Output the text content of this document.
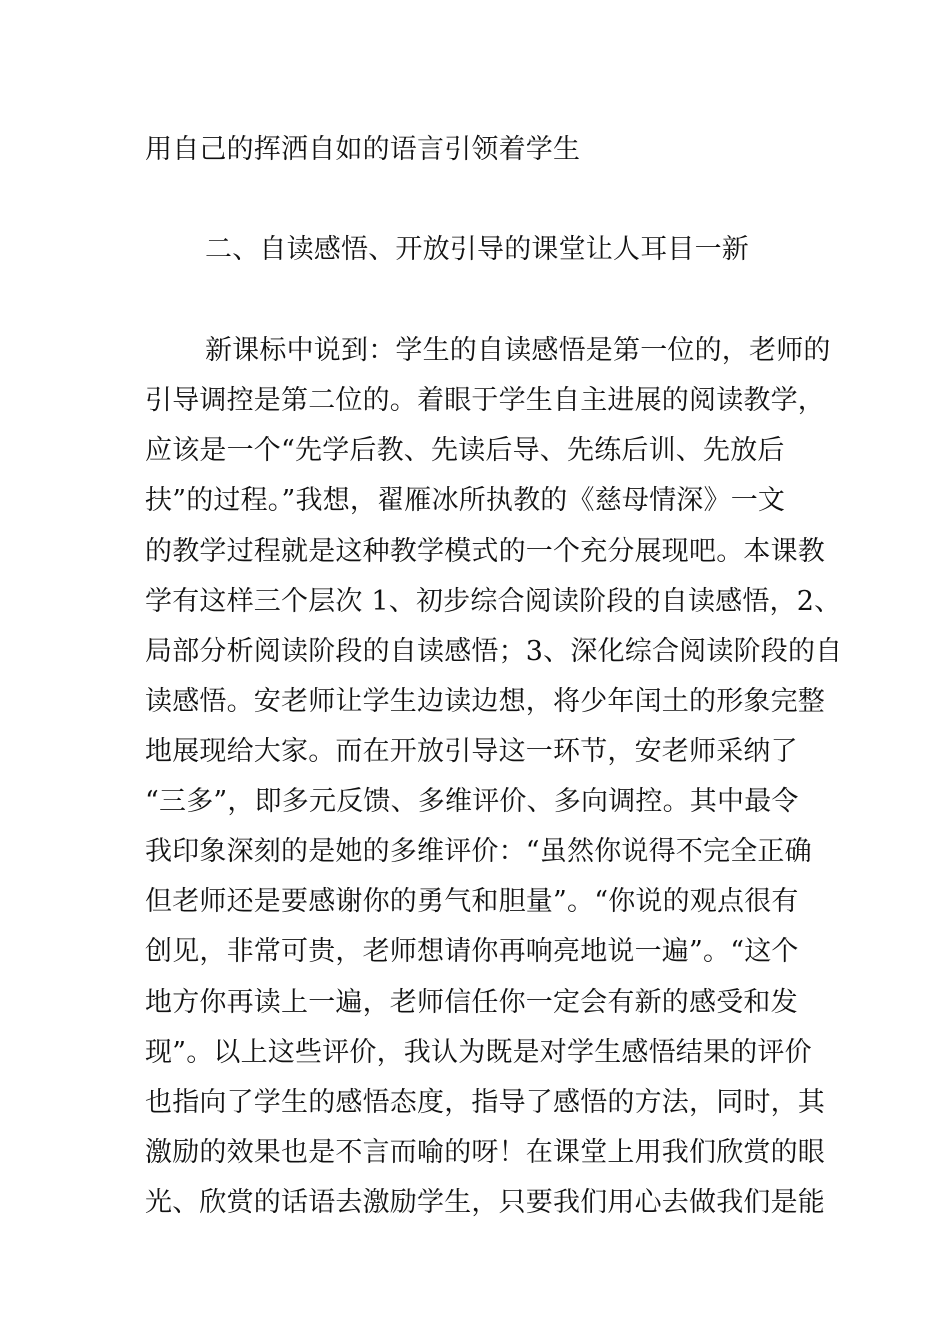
用自己的挥洒自如的语言引领着学生
二、自读感悟、开放引导的课堂让人耳目一新
新课标中说到：学生的自读感悟是第一位的，老师的
引导调控是第二位的。着眼于学生自主进展的阅读教学，
应该是一个“先学后教、先读后导、先练后训、先放后
扶”的过程。”我想，翟雁冰所执教的《慈母情深》一文
的教学过程就是这种教学模式的一个充分展现吧。本课教
学有这样三个层次 1、初步综合阅读阶段的自读感悟，2、
局部分析阅读阶段的自读感悟；3、深化综合阅读阶段的自
读感悟。安老师让学生边读边想，将少年闰土的形象完整
地展现给大家。而在开放引导这一环节，安老师采纳了
“三多”，即多元反馈、多维评价、多向调控。其中最令
我印象深刻的是她的多维评价：“虽然你说得不完全正确
但老师还是要感谢你的勇气和胆量”。“你说的观点很有
创见，非常可贵，老师想请你再响亮地说一遍”。“这个
地方你再读上一遍，老师信任你一定会有新的感受和发
现”。以上这些评价，我认为既是对学生感悟结果的评价
也指向了学生的感悟态度，指导了感悟的方法，同时，其
激励的效果也是不言而喻的呀！在课堂上用我们欣赏的眼
光、欣赏的话语去激励学生，只要我们用心去做我们是能
